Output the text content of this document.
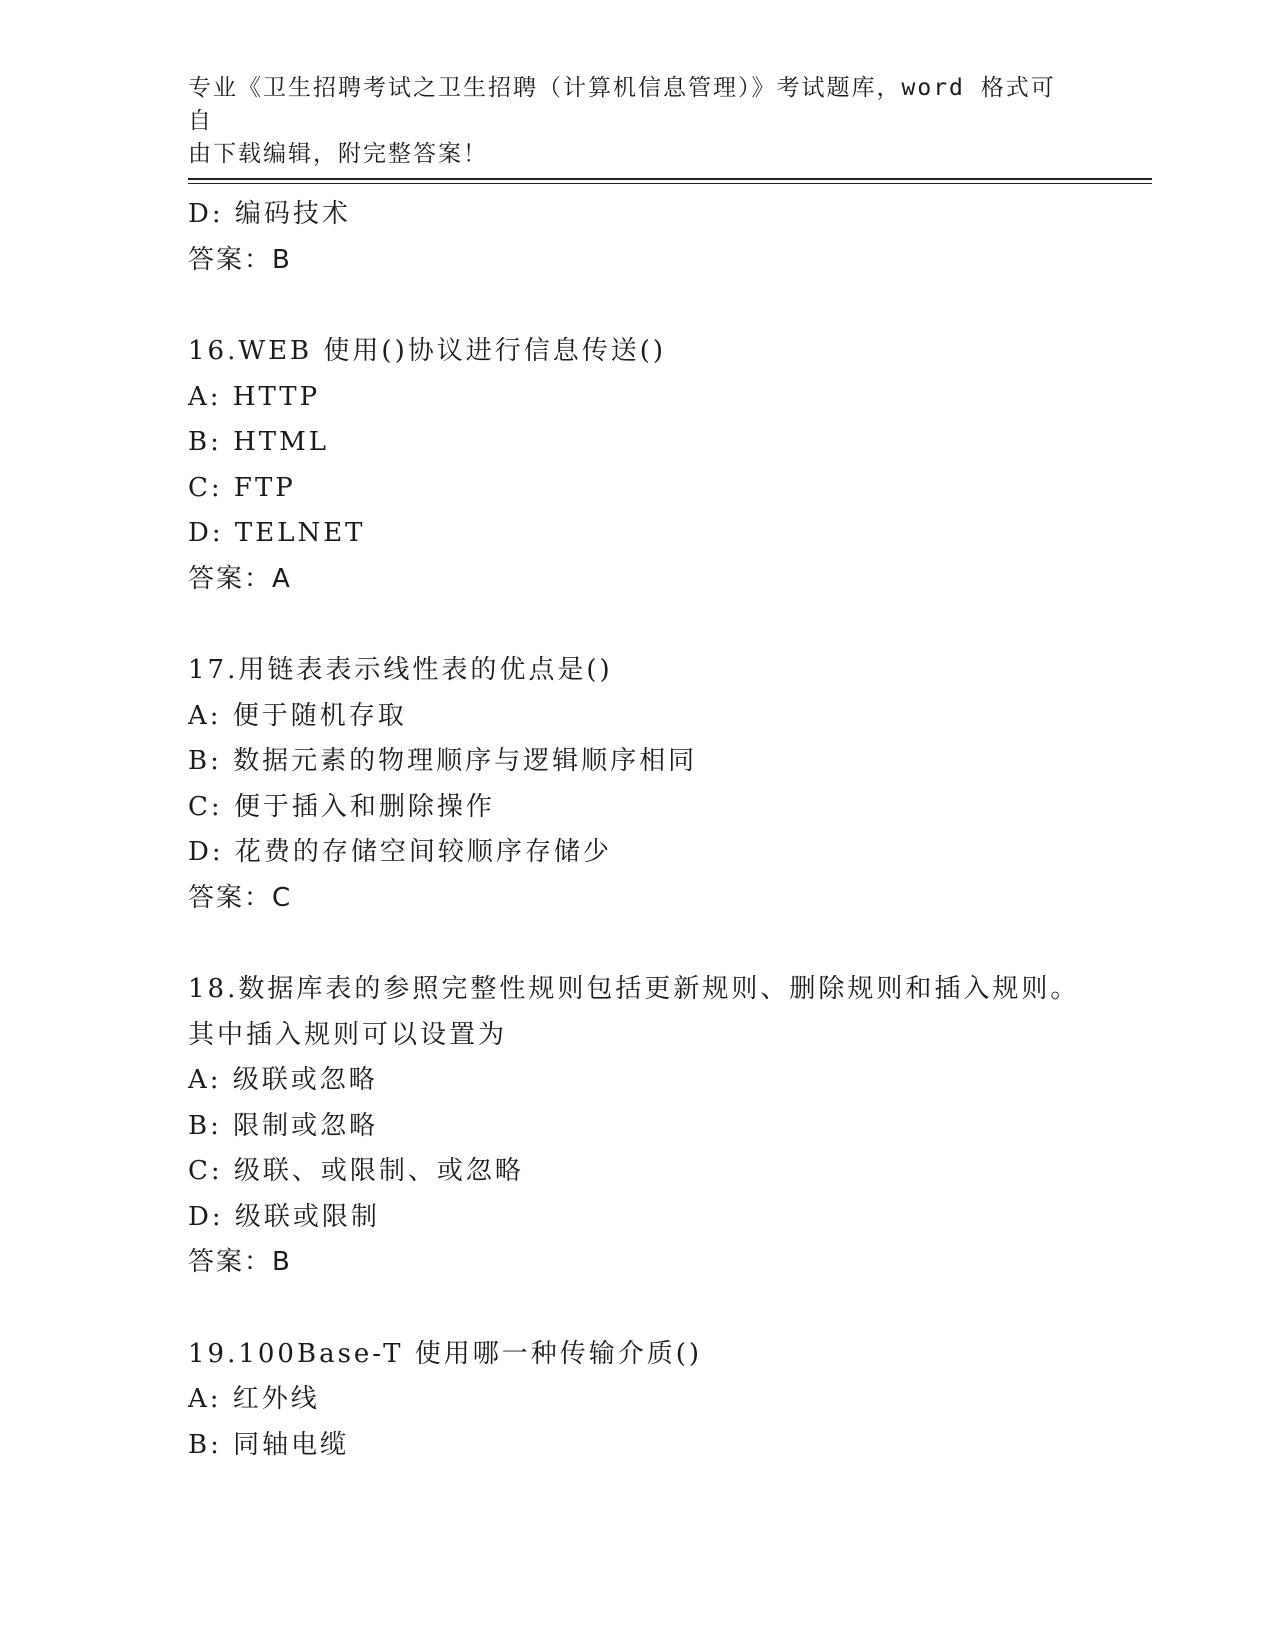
专业《卫生招聘考试之卫生招聘（计算机信息管理）》考试题库，word 格式可自
由下载编辑，附完整答案！
D: 编码技术
答案：B
16.WEB 使用()协议进行信息传送()
A: HTTP
B: HTML
C: FTP
D: TELNET
答案：A
17.用链表表示线性表的优点是()
A: 便于随机存取
B: 数据元素的物理顺序与逻辑顺序相同
C: 便于插入和删除操作
D: 花费的存储空间较顺序存储少
答案：C
18.数据库表的参照完整性规则包括更新规则、删除规则和插入规则。
其中插入规则可以设置为
A: 级联或忽略
B: 限制或忽略
C: 级联、或限制、或忽略
D: 级联或限制
答案：B
19.100Base-T 使用哪一种传输介质()
A: 红外线
B: 同轴电缆
